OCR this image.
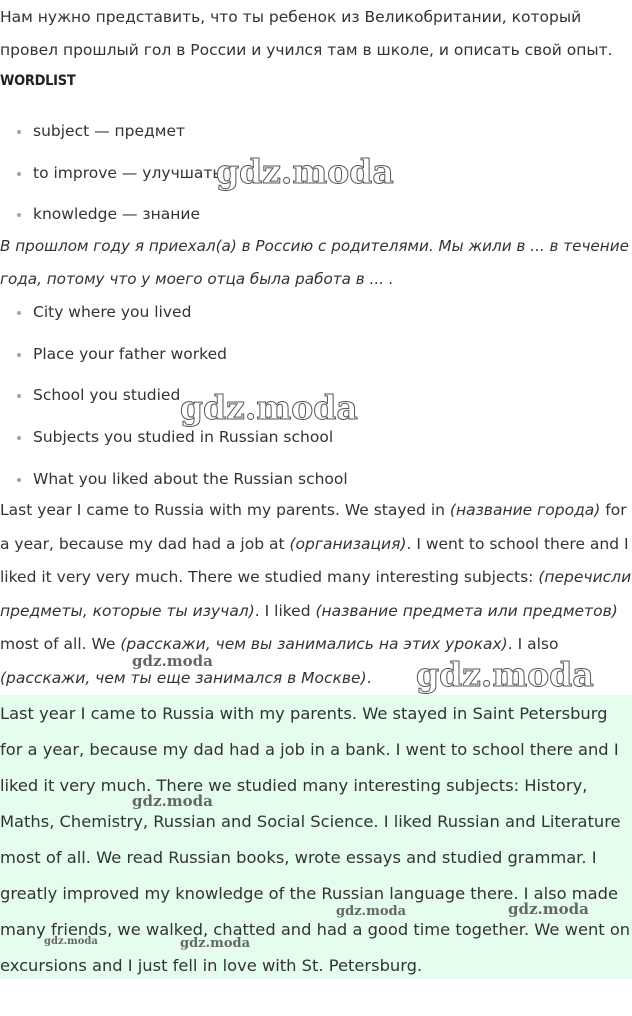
Нам нужно представить, что ты ребенок из Великобритании, который провел прошлый гол в России и учился там в школе, и описать свой опыт.

WORDLIST
subject — предмет
to improve — улучшать
knowledge — знание

В прошлом году я приехал(а) в Россию с родителями. Мы жили в ... в течение года, потому что у моего отца была работа в ... .

City where you lived
Place your father worked
School you studied
Subjects you studied in Russian school
What you liked about the Russian school

Last year I came to Russia with my parents. We stayed in (название города) for a year, because my dad had a job at (организация). I went to school there and I liked it very very much. There we studied many interesting subjects: (перечисли предметы, которые ты изучал). I liked (название предмета или предметов) most of all. We (расскажи, чем вы занимались на этих уроках). I also (расскажи, чем ты еще занимался в Москве).

Last year I came to Russia with my parents. We stayed in Saint Petersburg for a year, because my dad had a job in a bank. I went to school there and I liked it very much. There we studied many interesting subjects: History, Maths, Chemistry, Russian and Social Science. I liked Russian and Literature most of all. We read Russian books, wrote essays and studied grammar. I greatly improved my knowledge of the Russian language there. I also made many friends, we walked, chatted and had a good time together. We went on excursions and I just fell in love with St. Petersburg.

gdz.moda
gdz.moda
gdz.moda
gdz.moda
gdz.moda
gdz.moda
gdz.moda
gdz.moda
gdz.moda
